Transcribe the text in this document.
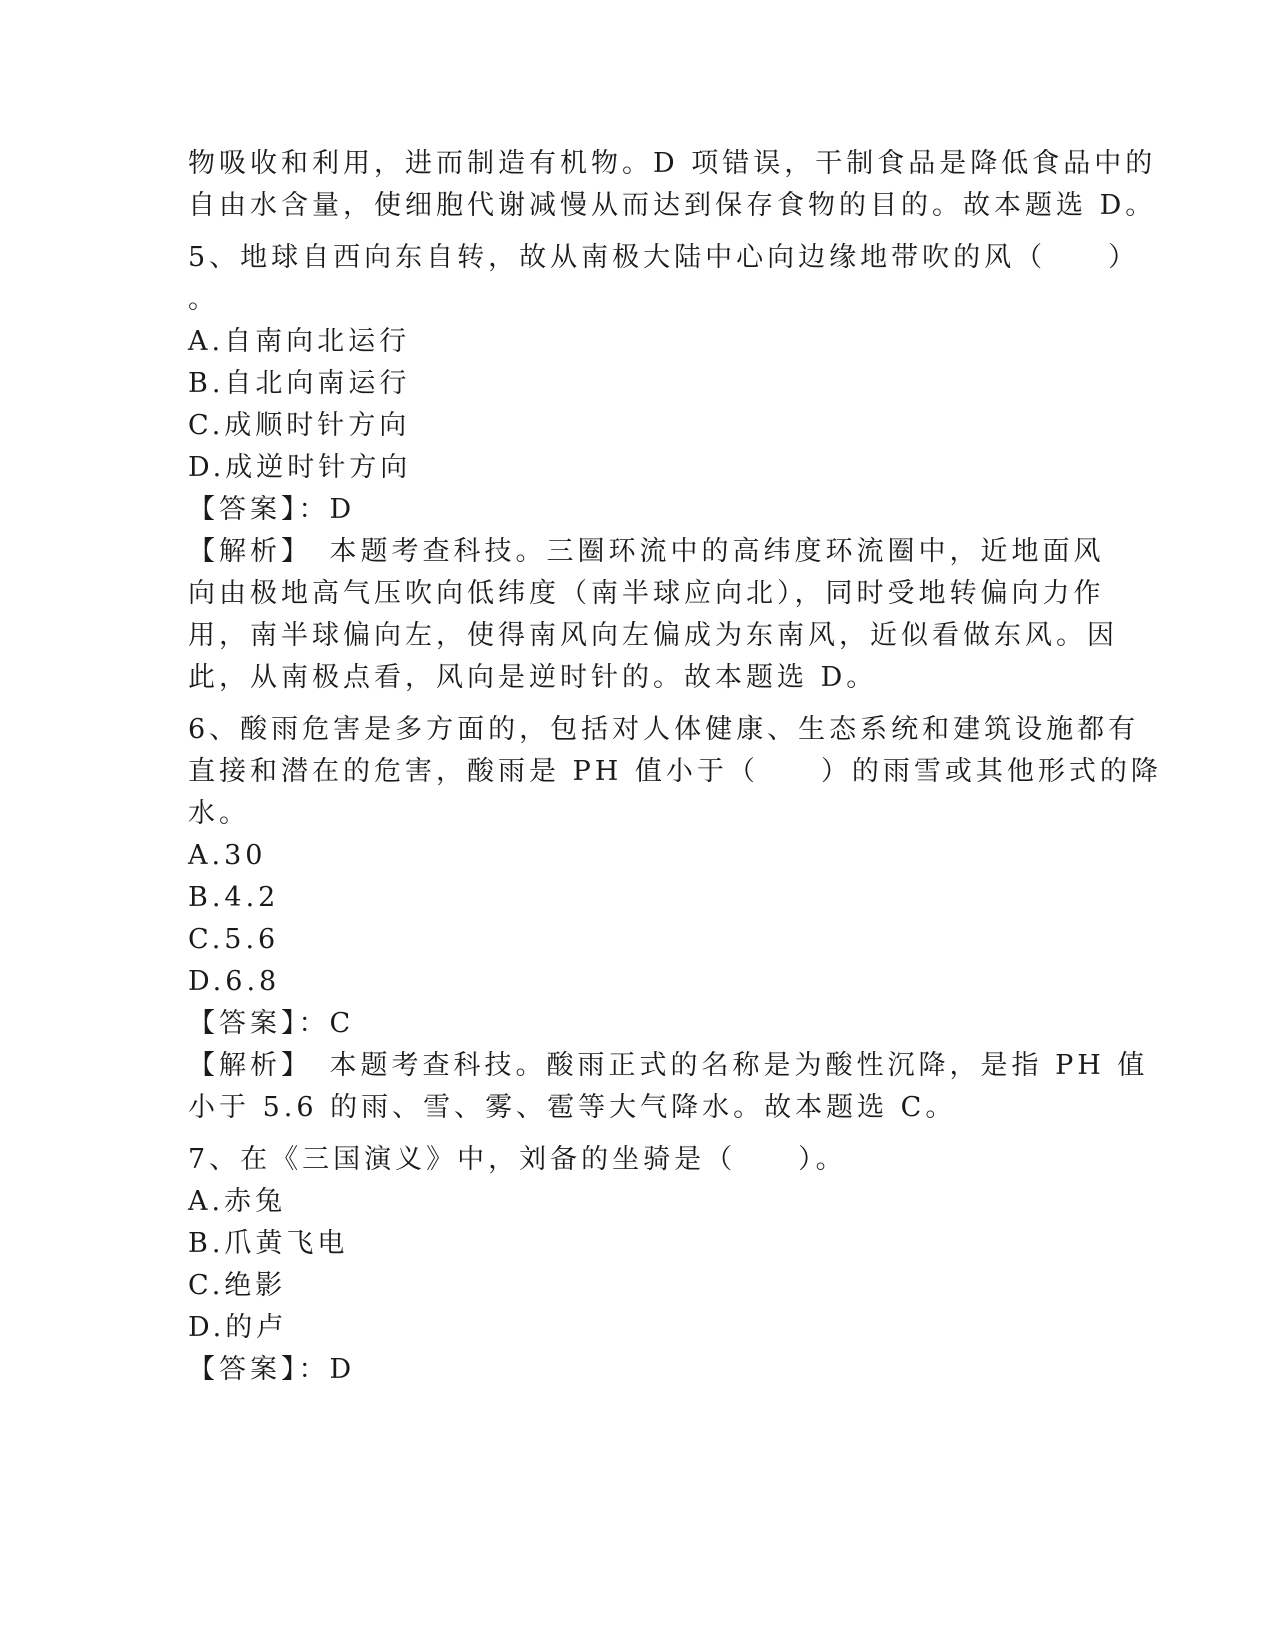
物吸收和利用，进而制造有机物。D 项错误，干制食品是降低食品中的
自由水含量，使细胞代谢减慢从而达到保存食物的目的。故本题选 D。
5、地球自西向东自转，故从南极大陆中心向边缘地带吹的风（　　）
。
A.自南向北运行
B.自北向南运行
C.成顺时针方向
D.成逆时针方向
【答案】：D
【解析】　本题考查科技。三圈环流中的高纬度环流圈中，近地面风
向由极地高气压吹向低纬度（南半球应向北），同时受地转偏向力作
用，南半球偏向左，使得南风向左偏成为东南风，近似看做东风。因
此，从南极点看，风向是逆时针的。故本题选 D。
6、酸雨危害是多方面的，包括对人体健康、生态系统和建筑设施都有
直接和潜在的危害，酸雨是 PH 值小于（　　）的雨雪或其他形式的降
水。
A.30
B.4.2
C.5.6
D.6.8
【答案】：C
【解析】　本题考查科技。酸雨正式的名称是为酸性沉降，是指 PH 值
小于 5.6 的雨、雪、雾、雹等大气降水。故本题选 C。
7、在《三国演义》中，刘备的坐骑是（　　）。
A.赤兔
B.爪黄飞电
C.绝影
D.的卢
【答案】：D
